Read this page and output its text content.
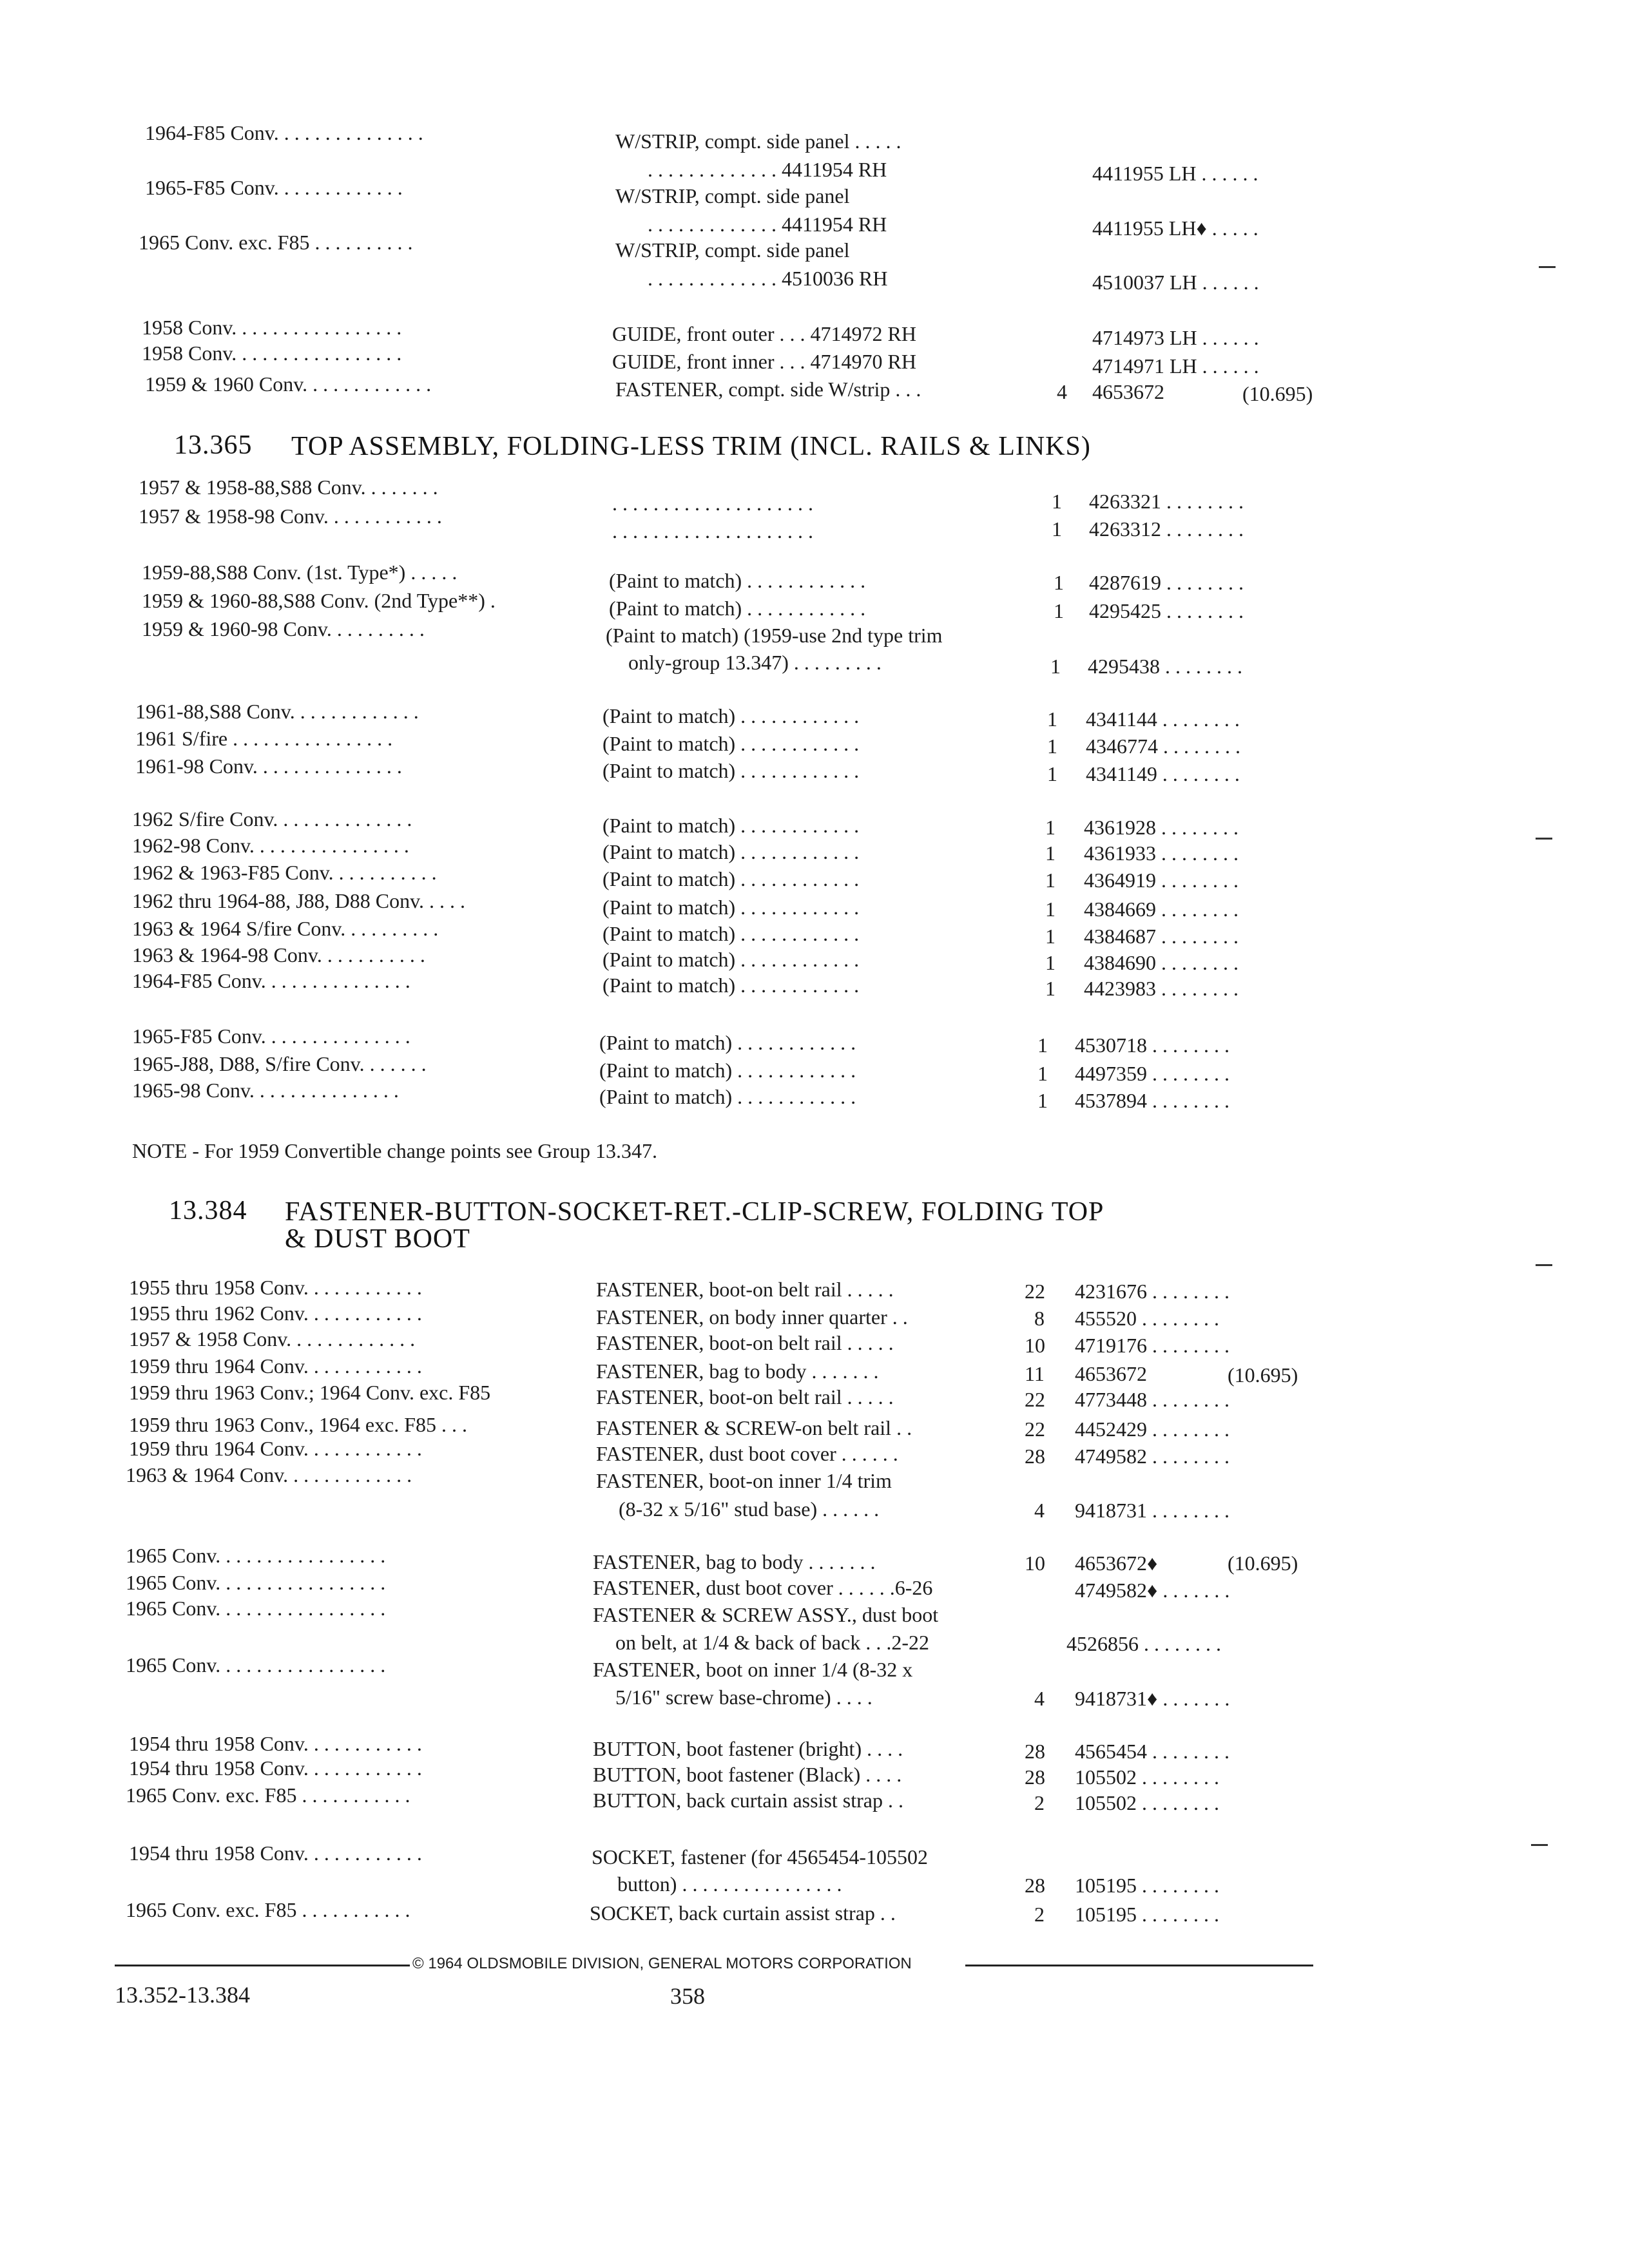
1964-F85 Conv. . . . . . . . . . . . . . .	W/STRIP, compt. side panel . . . . .
. . . . . . . . . . . . . 4411954 RH	4411955 LH . . . . . .
1965-F85 Conv. . . . . . . . . . . . .	W/STRIP, compt. side panel
. . . . . . . . . . . . . 4411954 RH	4411955 LH♦ . . . . .
1965 Conv. exc. F85 . . . . . . . . . .	W/STRIP, compt. side panel
. . . . . . . . . . . . . 4510036 RH	4510037 LH . . . . . .
1958 Conv. . . . . . . . . . . . . . . . .	GUIDE, front outer . . . 4714972 RH	4714973 LH . . . . . .
1958 Conv. . . . . . . . . . . . . . . . .	GUIDE, front inner . . . 4714970 RH	4714971 LH . . . . . .
1959 & 1960 Conv. . . . . . . . . . . . .	FASTENER, compt. side W/strip . . .	4 4653672	(10.695)
13.365 TOP ASSEMBLY, FOLDING-LESS TRIM (INCL. RAILS & LINKS)
1957 & 1958-88,S88 Conv. . . . . . . .
. . . . . . . . . . . . . . . . . . . .	1 4263321 . . . . . . . .
1957 & 1958-98 Conv. . . . . . . . . . . .
. . . . . . . . . . . . . . . . . . . .	1 4263312 . . . . . . . .
1959-88,S88 Conv. (1st. Type*) . . . . .	(Paint to match) . . . . . . . . . . . .	1 4287619 . . . . . . . .
1959 & 1960-88,S88 Conv. (2nd Type**) .	(Paint to match) . . . . . . . . . . . .	1 4295425 . . . . . . . .
1959 & 1960-98 Conv. . . . . . . . . .	(Paint to match) (1959-use 2nd type trim
only-group 13.347) . . . . . . . . .	1 4295438 . . . . . . . .
1961-88,S88 Conv. . . . . . . . . . . . .	(Paint to match) . . . . . . . . . . . .	1 4341144 . . . . . . . .
1961 S/fire . . . . . . . . . . . . . . . .	(Paint to match) . . . . . . . . . . . .	1 4346774 . . . . . . . .
1961-98 Conv. . . . . . . . . . . . . . .	(Paint to match) . . . . . . . . . . . .	1 4341149 . . . . . . . .
1962 S/fire Conv. . . . . . . . . . . . . .	(Paint to match) . . . . . . . . . . . .	1 4361928 . . . . . . . .
1962-98 Conv. . . . . . . . . . . . . . . .	(Paint to match) . . . . . . . . . . . .	1 4361933 . . . . . . . .
1962 & 1963-F85 Conv. . . . . . . . . . .	(Paint to match) . . . . . . . . . . . .	1 4364919 . . . . . . . .
1962 thru 1964-88, J88, D88 Conv. . . . .	(Paint to match) . . . . . . . . . . . .	1 4384669 . . . . . . . .
1963 & 1964 S/fire Conv. . . . . . . . . .	(Paint to match) . . . . . . . . . . . .	1 4384687 . . . . . . . .
1963 & 1964-98 Conv. . . . . . . . . . .	(Paint to match) . . . . . . . . . . . .	1 4384690 . . . . . . . .
1964-F85 Conv. . . . . . . . . . . . . . .	(Paint to match) . . . . . . . . . . . .	1 4423983 . . . . . . . .
1965-F85 Conv. . . . . . . . . . . . . . .	(Paint to match) . . . . . . . . . . . .	1 4530718 . . . . . . . .
1965-J88, D88, S/fire Conv. . . . . . .	(Paint to match) . . . . . . . . . . . .	1 4497359 . . . . . . . .
1965-98 Conv. . . . . . . . . . . . . . .	(Paint to match) . . . . . . . . . . . .	1 4537894 . . . . . . . .
NOTE - For 1959 Convertible change points see Group 13.347.
13.384 FASTENER-BUTTON-SOCKET-RET.-CLIP-SCREW, FOLDING TOP
& DUST BOOT
1955 thru 1958 Conv. . . . . . . . . . . .	FASTENER, boot-on belt rail . . . . .	22 4231676 . . . . . . . .
1955 thru 1962 Conv. . . . . . . . . . . .	FASTENER, on body inner quarter . .	8 455520 . . . . . . . .
1957 & 1958 Conv. . . . . . . . . . . . .	FASTENER, boot-on belt rail . . . . .	10 4719176 . . . . . . . .
1959 thru 1964 Conv. . . . . . . . . . . .	FASTENER, bag to body . . . . . . .	11 4653672	(10.695)
1959 thru 1963 Conv.; 1964 Conv. exc. F85	FASTENER, boot-on belt rail . . . . .	22 4773448 . . . . . . . .
1959 thru 1963 Conv., 1964 exc. F85 . . .	FASTENER & SCREW-on belt rail . .	22 4452429 . . . . . . . .
1959 thru 1964 Conv. . . . . . . . . . . .	FASTENER, dust boot cover . . . . . .	28 4749582 . . . . . . . .
1963 & 1964 Conv. . . . . . . . . . . . .	FASTENER, boot-on inner 1/4 trim
(8-32 x 5/16" stud base) . . . . . .	4 9418731 . . . . . . . .
1965 Conv. . . . . . . . . . . . . . . . .	FASTENER, bag to body . . . . . . .	10 4653672♦	(10.695)
1965 Conv. . . . . . . . . . . . . . . . .	FASTENER, dust boot cover . . . . . .6-26	4749582♦ . . . . . . .
1965 Conv. . . . . . . . . . . . . . . . .	FASTENER & SCREW ASSY., dust boot
on belt, at 1/4 & back of back . . .2-22	4526856 . . . . . . . .
1965 Conv. . . . . . . . . . . . . . . . .	FASTENER, boot on inner 1/4 (8-32 x
5/16" screw base-chrome) . . . .	4 9418731♦ . . . . . . .
1954 thru 1958 Conv. . . . . . . . . . . .	BUTTON, boot fastener (bright) . . . .	28 4565454 . . . . . . . .
1954 thru 1958 Conv. . . . . . . . . . . .	BUTTON, boot fastener (Black) . . . .	28 105502 . . . . . . . .
1965 Conv. exc. F85 . . . . . . . . . . .	BUTTON, back curtain assist strap . .	2 105502 . . . . . . . .
1954 thru 1958 Conv. . . . . . . . . . . .	SOCKET, fastener (for 4565454-105502
button) . . . . . . . . . . . . . . . .	28 105195 . . . . . . . .
1965 Conv. exc. F85 . . . . . . . . . . .	SOCKET, back curtain assist strap . .	2 105195 . . . . . . . .
© 1964 OLDSMOBILE DIVISION, GENERAL MOTORS CORPORATION
13.352-13.384	358
